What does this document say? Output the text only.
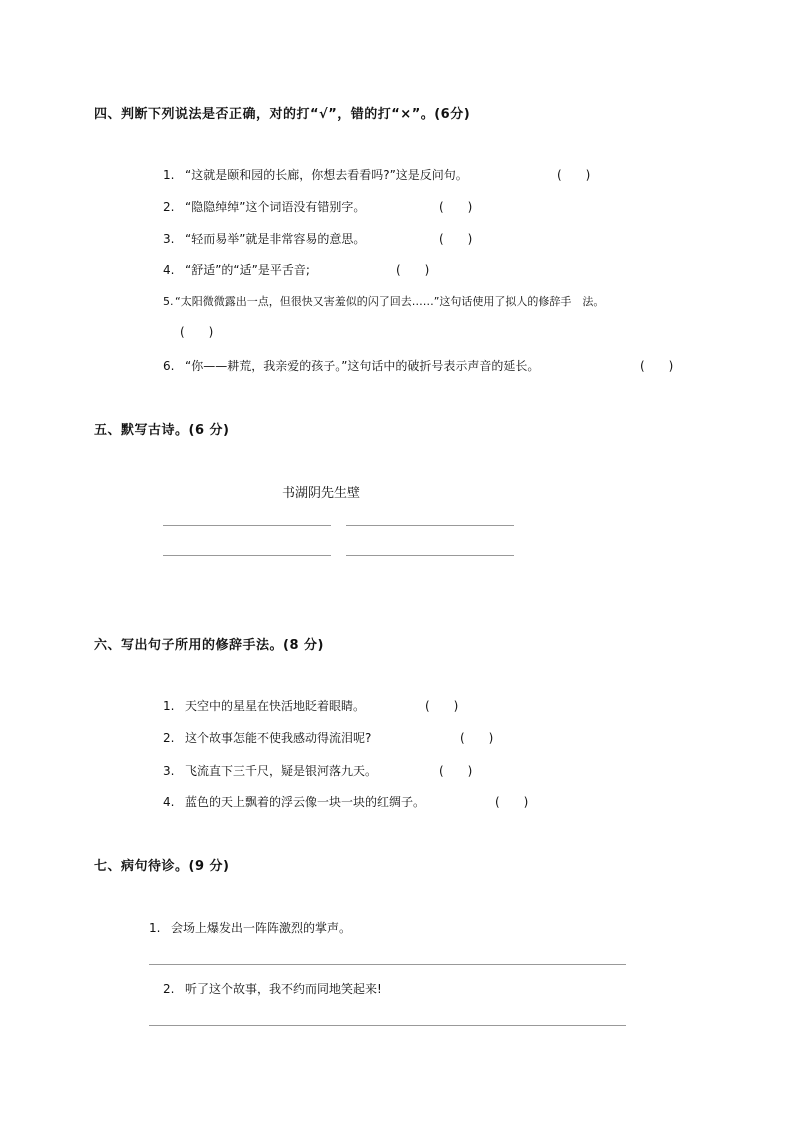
四、判断下列说法是否正确，对的打“√”，错的打“×”。(6分)
1. “这就是颐和园的长廊，你想去看看吗?”这是反问句。	(　　)
2. “隐隐绰绰”这个词语没有错别字。	(　　)
3. “轻而易举”就是非常容易的意思。	(　　)
4. “舒适”的“适”是平舌音;	(　　)
5. “太阳微微露出一点，但很快又害羞似的闪了回去……”这句话使用了拟人的修辞手　法。
(　　)
6. “你——耕荒，我亲爱的孩子。”这句话中的破折号表示声音的延长。	(　　)
五、默写古诗。(6 分)
书湖阴先生壁
六、写出句子所用的修辞手法。(8 分)
1. 天空中的星星在快活地眨着眼睛。	(　　)
2. 这个故事怎能不使我感动得流泪呢?	(　　)
3. 飞流直下三千尺，疑是银河落九天。	(　　)
4. 蓝色的天上飘着的浮云像一块一块的红绸子。	(　　)
七、病句待诊。(9 分)
1. 会场上爆发出一阵阵激烈的掌声。
2. 听了这个故事，我不约而同地笑起来!
